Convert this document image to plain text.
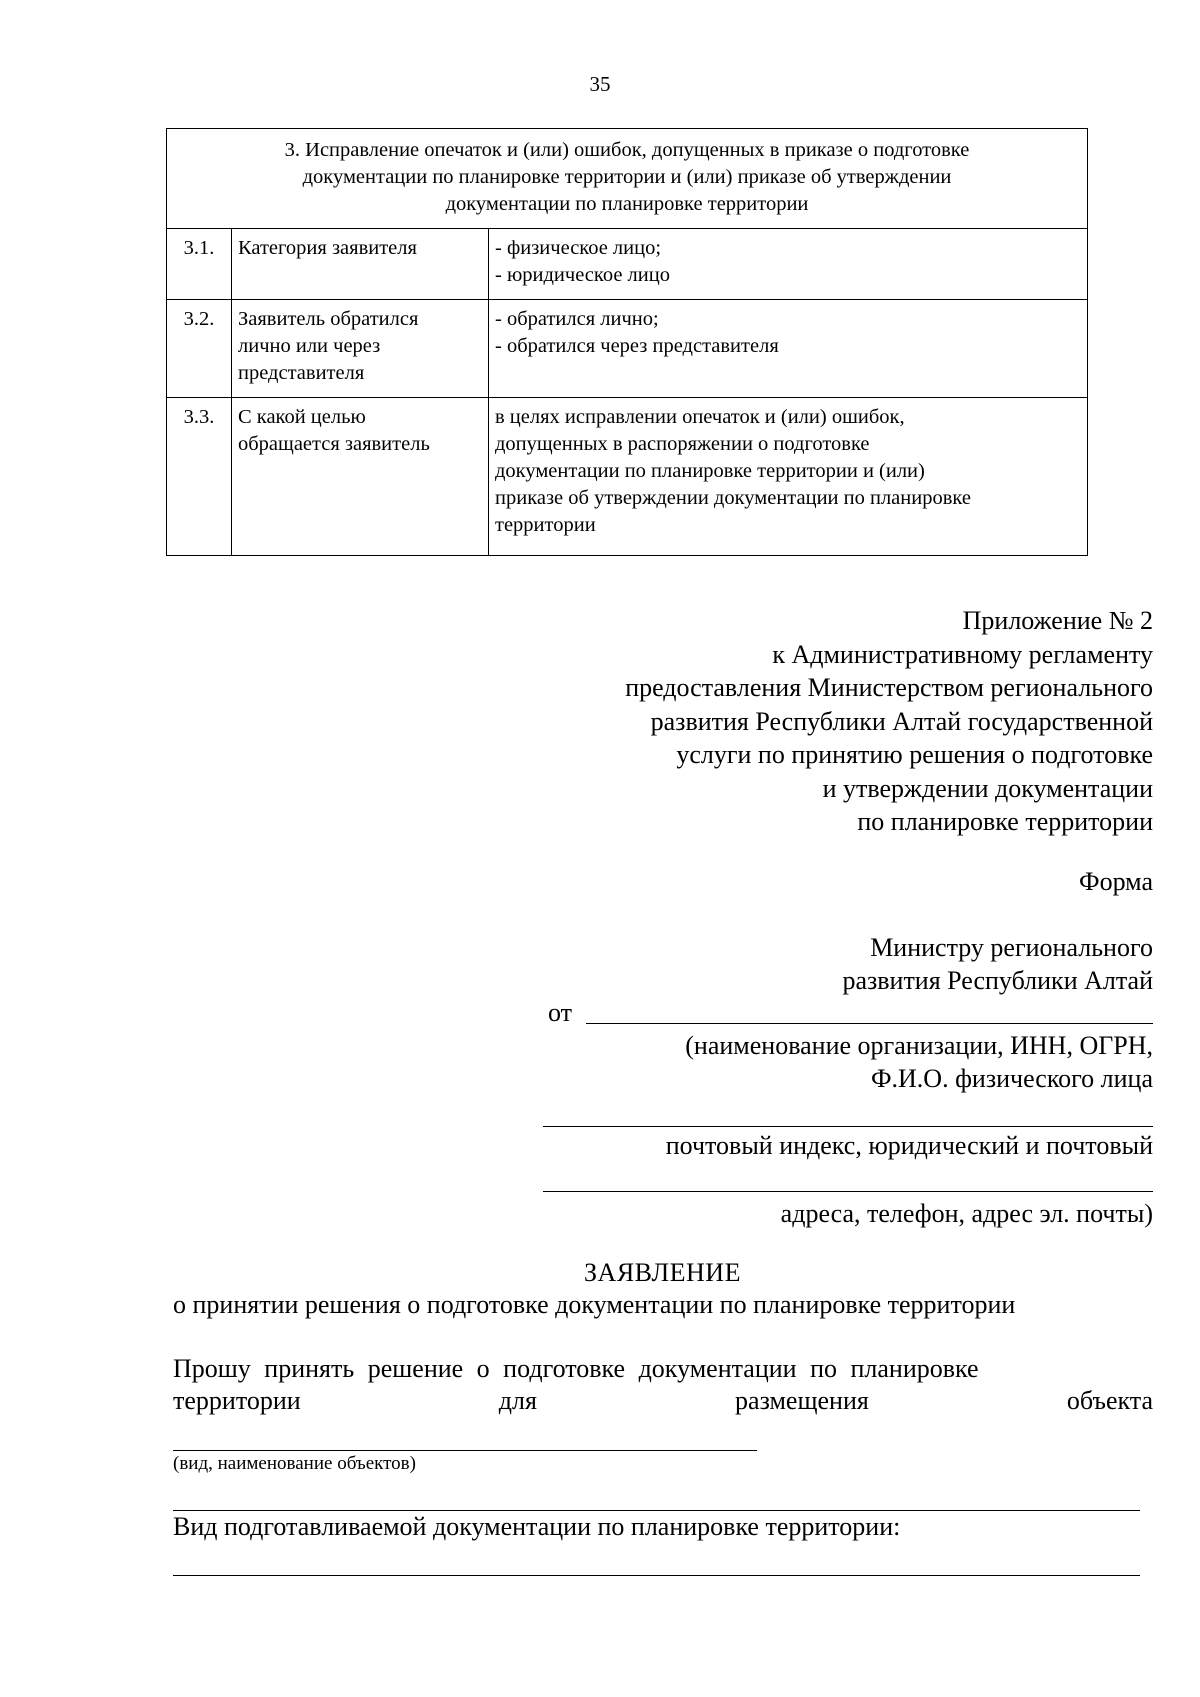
35
3. Исправление опечаток и (или) ошибок, допущенных в приказе о подготовке
документации по планировке территории и (или) приказе об утверждении
документации по планировке территории		

3.1.	Категория заявителя	- физическое лицо;
- юридическое лицо

3.2.	Заявитель обратился
лично или через
представителя	- обратился лично;
- обратился через представителя

3.3.	С какой целью
обращается заявитель	в целях исправлении опечаток и (или) ошибок,
допущенных в распоряжении о подготовке
документации по планировке территории и (или)
приказе об утверждении документации по планировке
территории
Приложение № 2
к Административному регламенту
предоставления Министерством регионального
развития Республики Алтай государственной
услуги по принятию решения о подготовке
и утверждении документации
по планировке территории
Форма
Министру регионального
развития Республики Алтай
от
(наименование организации, ИНН, ОГРН,
Ф.И.О. физического лица
почтовый индекс, юридический и почтовый
адреса, телефон, адрес эл. почты)
ЗАЯВЛЕНИЕ
о принятии решения о подготовке документации по планировке территории
Прошу принять решение о подготовке документации по планировке
территории	для	размещения	объекта
(вид, наименование объектов)
Вид подготавливаемой документации по планировке территории:
